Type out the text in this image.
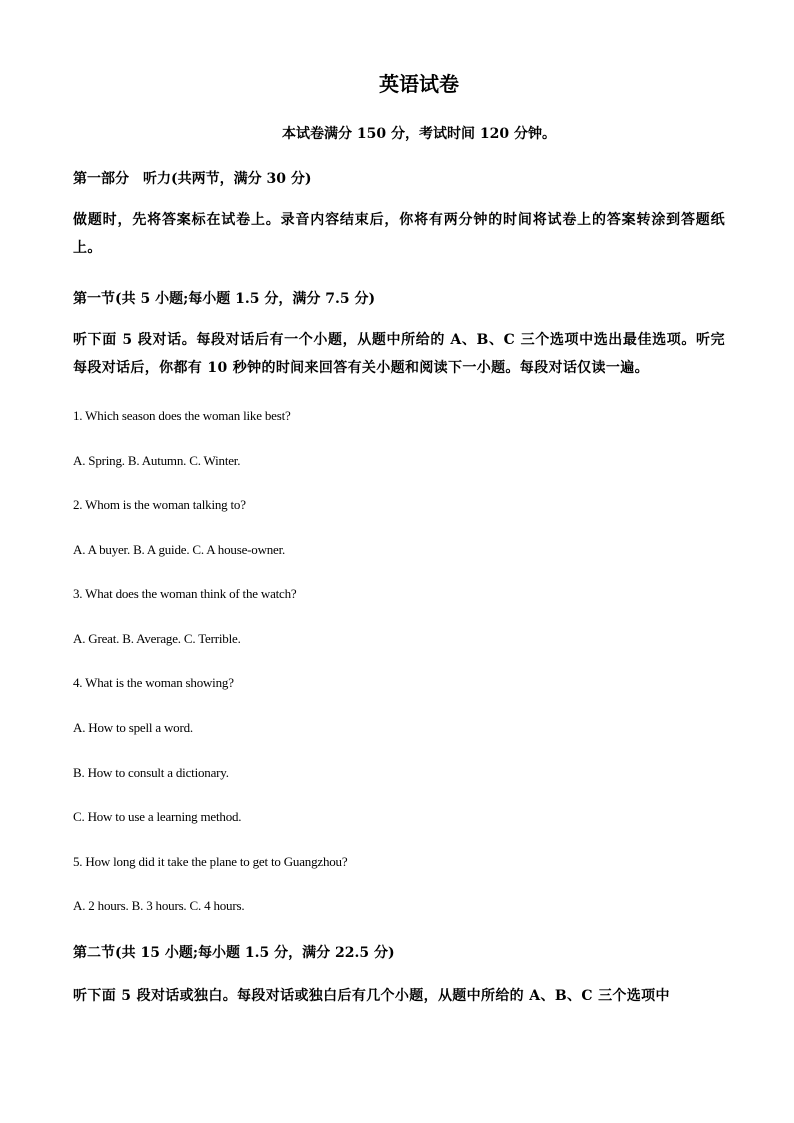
英语试卷
本试卷满分 150 分，考试时间 120 分钟。
第一部分　听力(共两节，满分 30 分)
做题时，先将答案标在试卷上。录音内容结束后，你将有两分钟的时间将试卷上的答案转涂到答题纸上。
第一节(共 5 小题;每小题 1.5 分，满分 7.5 分)
听下面 5 段对话。每段对话后有一个小题，从题中所给的 A、B、C 三个选项中选出最佳选项。听完每段对话后，你都有 10 秒钟的时间来回答有关小题和阅读下一小题。每段对话仅读一遍。
1. Which season does the woman like best?
A. Spring. B. Autumn. C. Winter.
2. Whom is the woman talking to?
A. A buyer. B. A guide. C. A house-owner.
3. What does the woman think of the watch?
A. Great. B. Average. C. Terrible.
4. What is the woman showing?
A. How to spell a word.
B. How to consult a dictionary.
C. How to use a learning method.
5. How long did it take the plane to get to Guangzhou?
A. 2 hours. B. 3 hours. C. 4 hours.
第二节(共 15 小题;每小题 1.5 分，满分 22.5 分)
听下面 5 段对话或独白。每段对话或独白后有几个小题，从题中所给的 A、B、C 三个选项中
